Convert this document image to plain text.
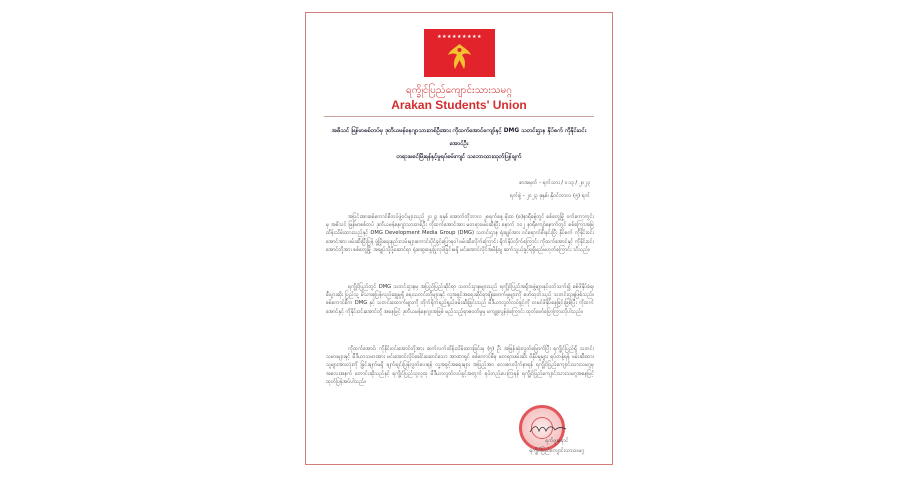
★★★★★★★★★
ရက္ခိုင်ပြည်ကျောင်းသားသမဂ္ဂ
Arakan Students' Union
အဓိသင် မြန်မာစစ်တပ်မှ ဒုတိယမန်နေဂျာသားတစ်ဦးအား ကိုထက်အောင်ကျော်နှင့် DMG သတင်းဌာန နှိပ်စက် ကိုနိုင်းဝင်းအောင်ဦး
တရားမင်ေမြိးရန်နှင့်မှုရပ်စမ်းကျင် သဘောထားထုတ်ပြန်ချက်
စာအမှတ် - ရက်သား / ၀၁၃ / ၂၀၂၃
ရက်စွဲ - ၂၀၂၃ ခုနှစ်၊ နိုဝင်ဘာလ (၅) ရက်
အပြင်းအားစစ်ကောင်စီတပ်ဖွဲ့ဝင်များသည် ၂၀၂၃ ခုနှစ် အောက်တိုဘာလ ၂၈ရက်နေ့ မိုးထ (၈)နာရီခန့်တွင် စစ်တွေမြို့ ဝက်ကော့ကွင်းမှ အဓိသင် မြန်မာစစ်တပ် ဒုတိယမန်နေဂျာသားတစ်ဦး ကိုထက်အောင်အား မတရားဖမ်းဆီးပြီး နောက် ၁၀၂ နာရီကျော်နောက်တွင် စစ်ကြောအမြဲထိန်းသိမ်းထားသည်နှင့် DMG Development Media Group (DMG) သတင်းဌာန ရုံးချုပ်အား ဝင်ရောက်စီးနင်းပြီး နှိပ်စက် ကိုနိုင်းဝင်းအောင်အား ဖမ်းဆီးပြီးပြန် ဖွံ့ဖြိုးရေးနည်းလမ်းများကောင်းပိုင်ခွင့်ပြောရပါ ဖမ်းဆီးလိုက်ကြောင်း ရိုက်နှိပ်လိုက်ကြောင်း ကိုထက်အောင်နှင့် ကိုနိုင်းဝင်းအောင်တို့အား စစ်တွေမြို့ အချုပ်သို့ပို့ဆောင်ရာ ရုံးဆွေးနွေးပြုလုပ်ခြင်းမရှိ မင်းအောင်လိုင်အမိန့်ချ ဆက်သွယ်ခွင့်ရရှိမည်မဟုတ်ကြောင်း သိသည်။
ရက္ခိုင်ပြည်တွင် DMG သတင်းဌာနမှ အပြည်ပြည်ဆိုင်ရာ သတင်းဌာနများသည် ရက္ခိုင်ပြည်အရှိအဖွဲ့များနှင့်ပတ်သက်၍ စစ်ဖိနှိပ်ခံရ၊ စီးပွားဆိုး ပြည်သူ့ မိသားစုပြန်လည်ချွေမှုရှိ ရေးသတင်းတိုများနှင့် လူ့အခွင့်အရေးဆိုင်ရာချိုးဖောက်မှုများကို ဖော်ထုတ်သည့် သတင်းဌာနဖြစ်သည်။ စစ်ကောင်စီက DMG နှင့် သတင်းထောက်များကို တိုက်ရိုက်ရည်ရွယ်ဖမ်းဆီးခြင်းသည် မီဒီယာလွတ်လပ်ခွင့်ကို တမင်ဖိနှိပ်နေခြင်းဖြစ်ပြီး ကိုထက်အောင်နှင့် ကိုနိုင်းဝင်းအောင်တို့ အနေဖြင့် ဒုတိယမန်နေဂျာအဖြစ် မည်သည့်ရာဇဝတ်မှုမှ မကျူးလွန်ခဲ့ကြောင်း ထုတ်ဖော်ပြောကြားလိုပါသည်။
ကိုထက်အောင်၊ ကိုနိုင်းဝင်းအောင်တို့အား ဆက်လက်ထိန်းသိမ်းထားခြင်းမှ (၅) ဦး အမြန်ဆုံးလွတ်မြောက်ပြီး ရက္ခိုင်ပြည်ရှိ သတင်းသမားများနှင့် မီဒီယာသမားအား မင်းအောင်လိုင်ခေါင်းဆောင်သော အာဏာရှင် စစ်ကောင်စီမှ မတရားဖမ်းဆီး ဖိနှိပ်မှုများ ရပ်တန့်ရန် ဖမ်းဆီးထားသူများအားလုံးကို ခြွင်းချက်မရှိ ချက်ချင်းပြန်လွှတ်ပေးရန် လူ့အခွင့်အရေးများ အပြည့်အဝ လေးစားလိုက်နာရန် ရက္ခိုင်ပြည်ကျောင်းသားသမဂ္ဂမှ အလေးအနက် တောင်းဆိုသည်နှင့် ရက္ခိုင်ပြည်သူလူထု မီဒီယာလွတ်လပ်ခွင့်အတွက် ရပ်တည်ပေးကြရန် ရက္ခိုင်ပြည်ကျောင်းသားသမဂ္ဂအနေဖြင့် ထုတ်ပြန်အပ်ပါသည်။
ရက်ဖူးရောင်
ရက္ခိုင်ပြည်ကျောင်းသားသမဂ္ဂ
